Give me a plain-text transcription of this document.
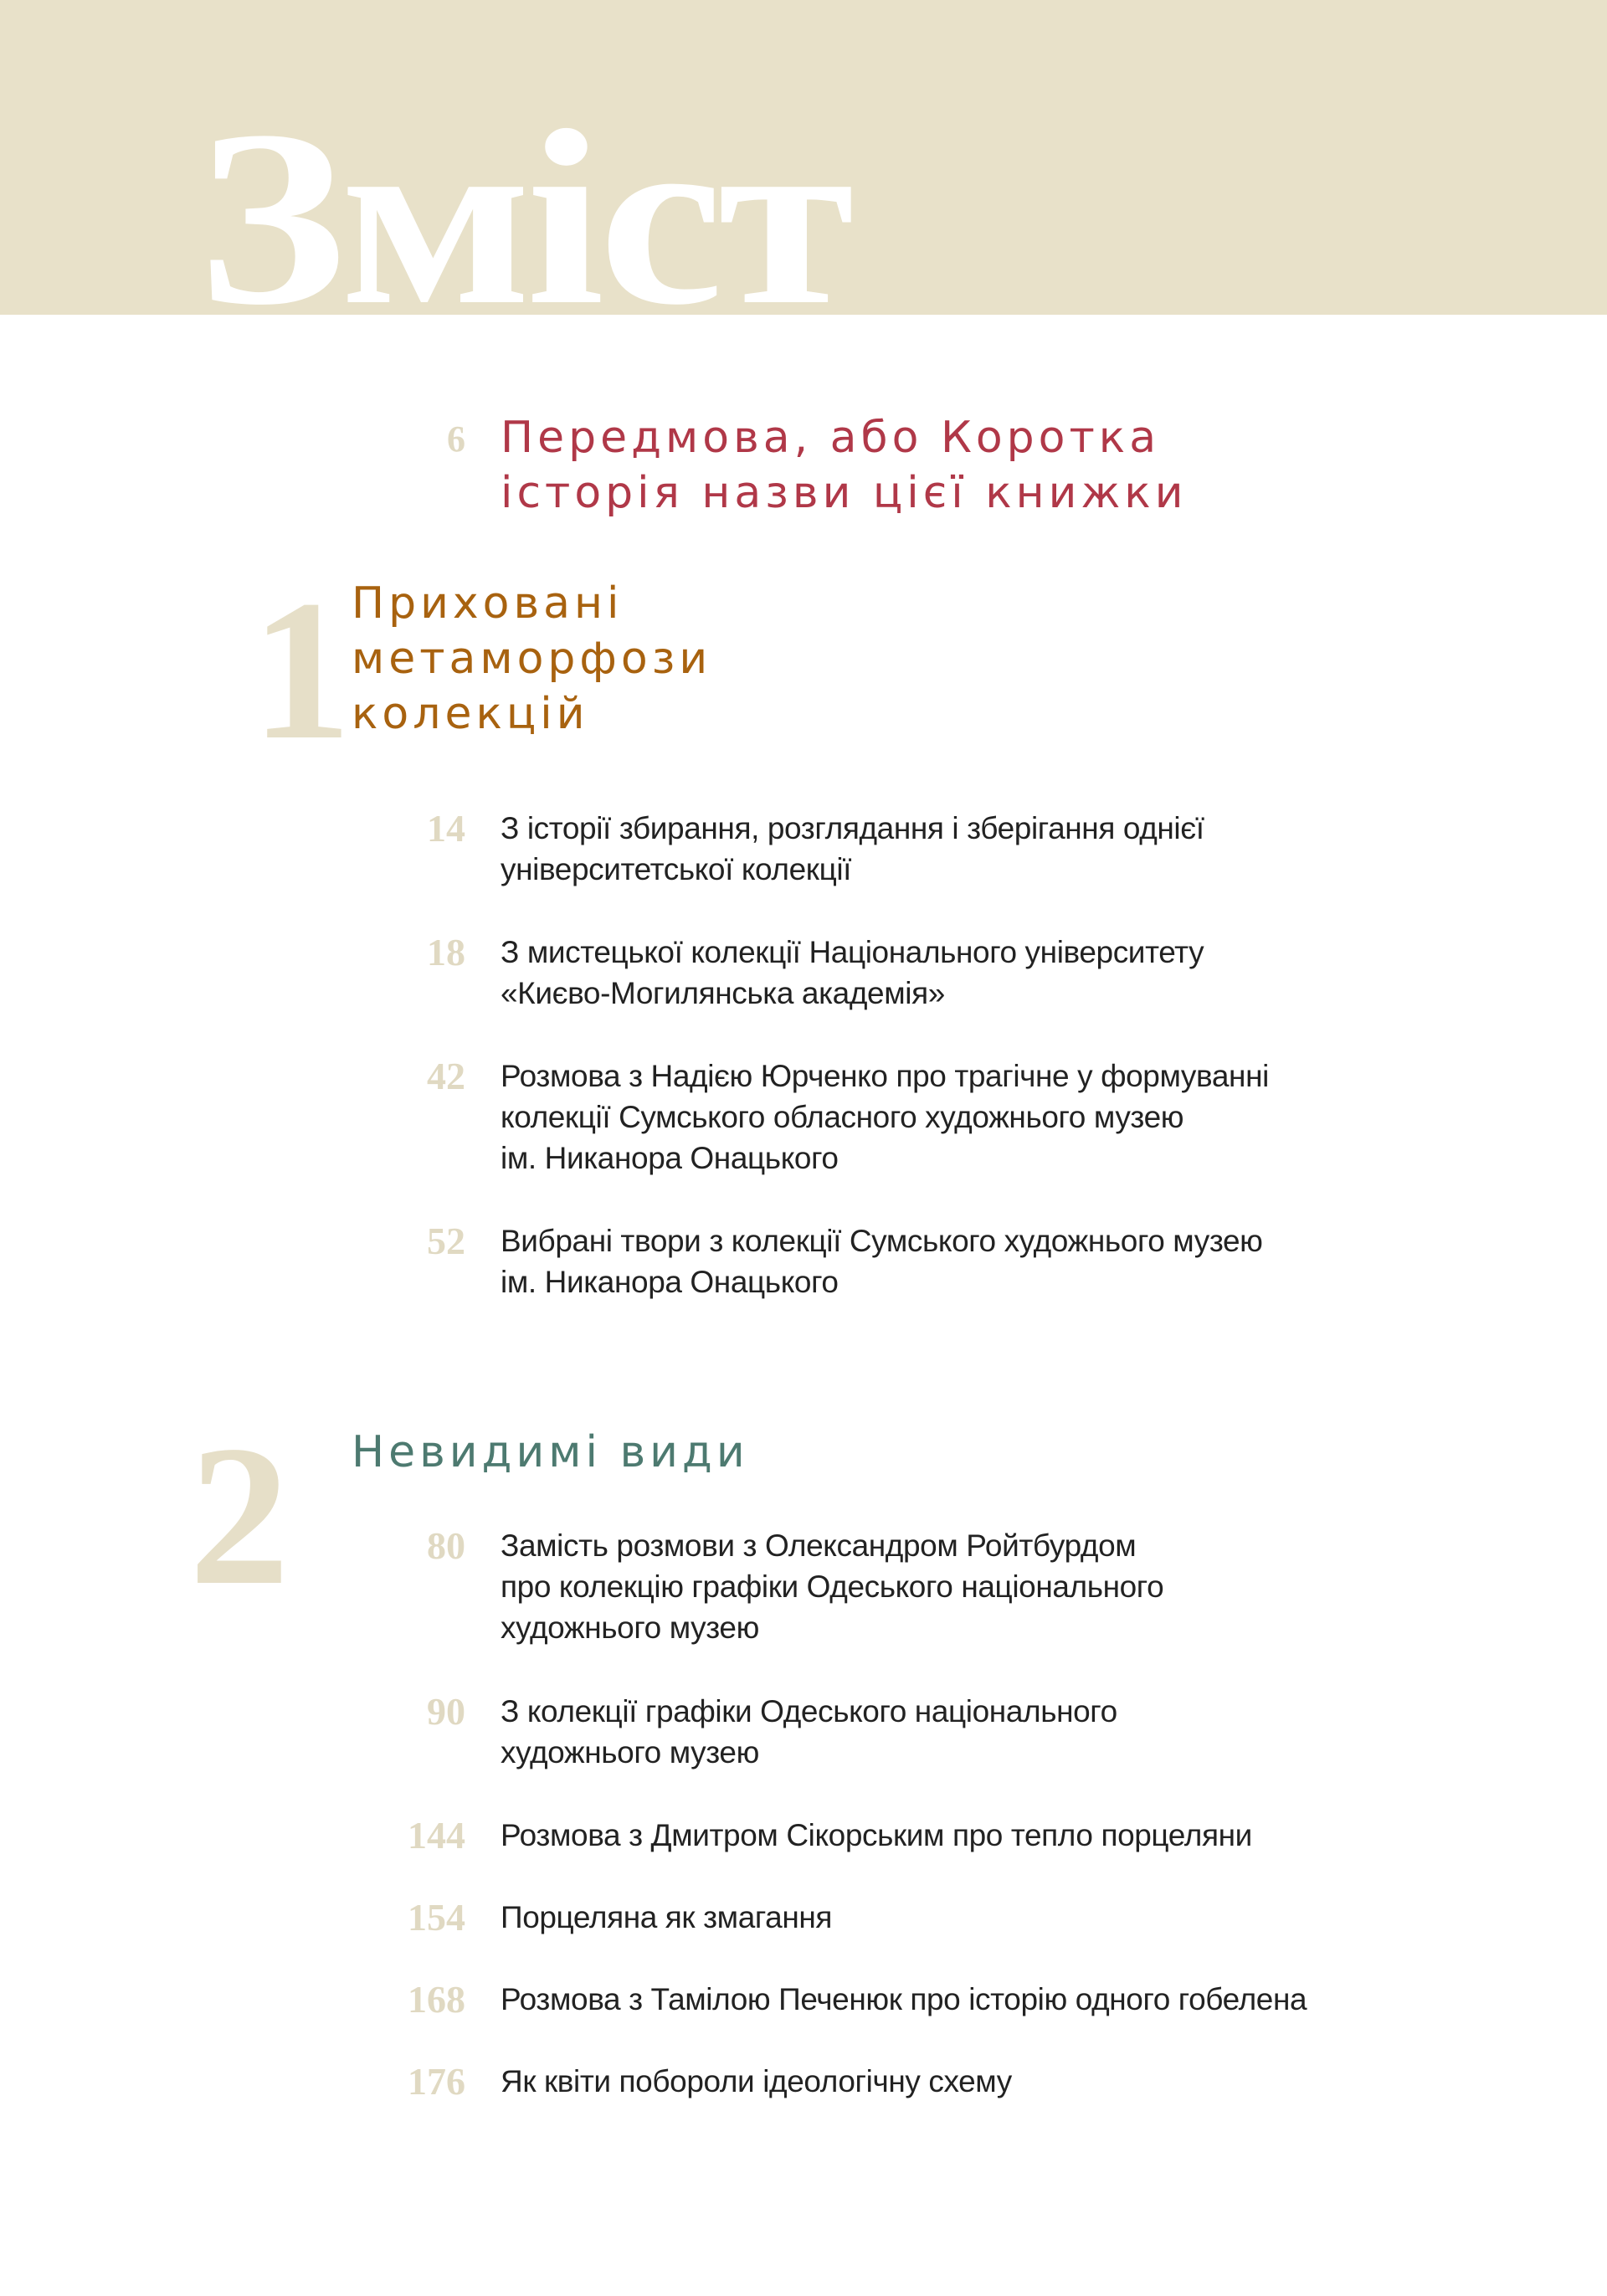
Зміст
6 Передмова, або Коротка
історія назви цієї книжки
1 Приховані
метаморфози
колекцій
14 З історії збирання, розглядання і зберігання однієї
університетської колекції
18 З мистецької колекції Національного університету
«Києво-Могилянська академія»
42 Розмова з Надією Юрченко про трагічне у формуванні
колекції Сумського обласного художнього музею
ім. Никанора Онацького
52 Вибрані твори з колекції Сумського художнього музею
ім. Никанора Онацького
2 Невидимі види
80 Замість розмови з Олександром Ройтбурдом
про колекцію графіки Одеського національного
художнього музею
90 З колекції графіки Одеського національного
художнього музею
144 Розмова з Дмитром Сікорським про тепло порцеляни
154 Порцеляна як змагання
168 Розмова з Тамілою Печенюк про історію одного гобелена
176 Як квіти побороли ідеологічну схему
